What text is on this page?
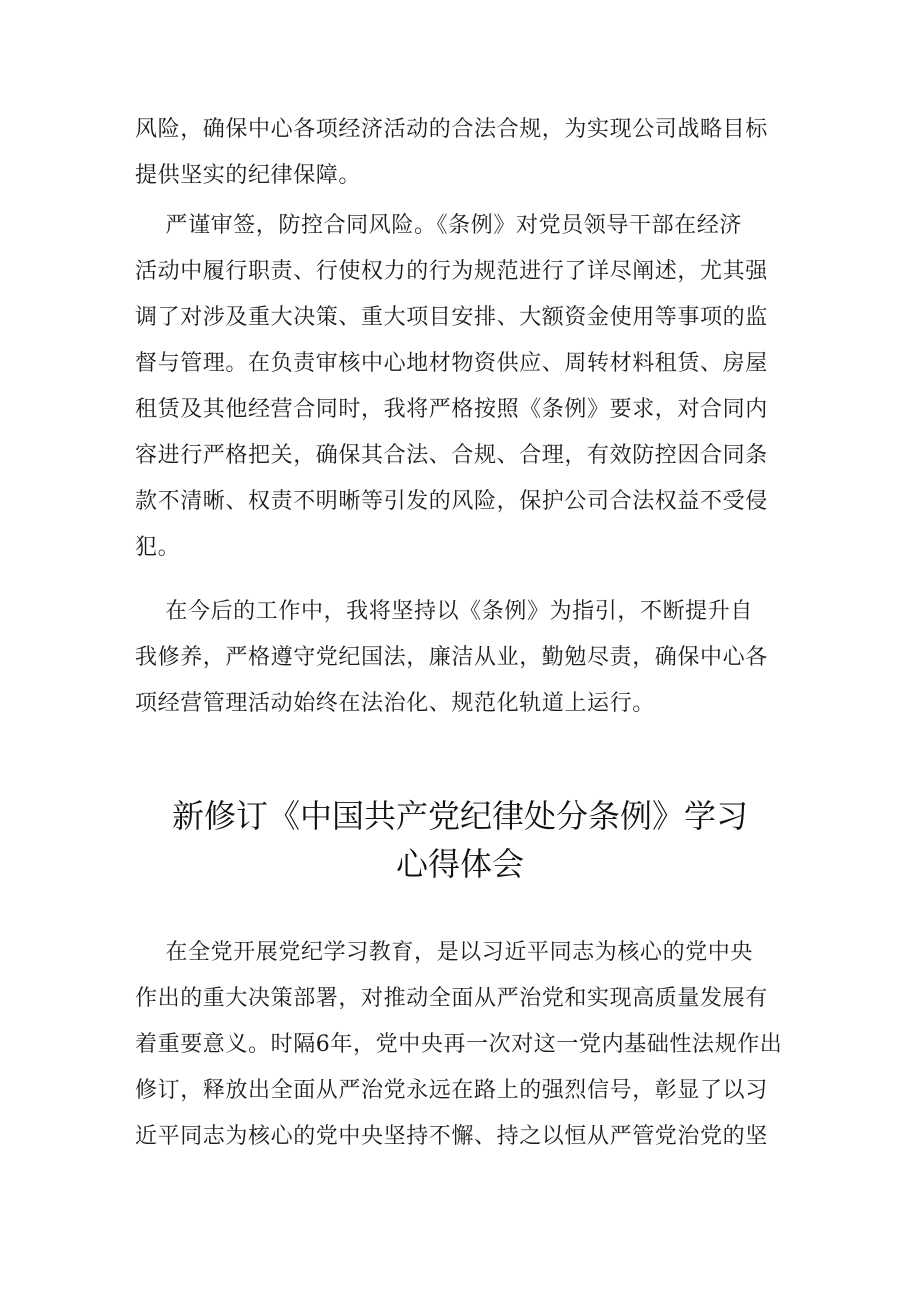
风险，确保中心各项经济活动的合法合规，为实现公司战略目标
提供坚实的纪律保障。
严谨审签，防控合同风险。《条例》对党员领导干部在经济
活动中履行职责、行使权力的行为规范进行了详尽阐述，尤其强
调了对涉及重大决策、重大项目安排、大额资金使用等事项的监
督与管理。在负责审核中心地材物资供应、周转材料租赁、房屋
租赁及其他经营合同时，我将严格按照《条例》要求，对合同内
容进行严格把关，确保其合法、合规、合理，有效防控因合同条
款不清晰、权责不明晰等引发的风险，保护公司合法权益不受侵
犯。
在今后的工作中，我将坚持以《条例》为指引，不断提升自
我修养，严格遵守党纪国法，廉洁从业，勤勉尽责，确保中心各
项经营管理活动始终在法治化、规范化轨道上运行。
新修订《中国共产党纪律处分条例》学习
心得体会
在全党开展党纪学习教育，是以习近平同志为核心的党中央
作出的重大决策部署，对推动全面从严治党和实现高质量发展有
着重要意义。时隔6年，党中央再一次对这一党内基础性法规作出
修订，释放出全面从严治党永远在路上的强烈信号，彰显了以习
近平同志为核心的党中央坚持不懈、持之以恒从严管党治党的坚
